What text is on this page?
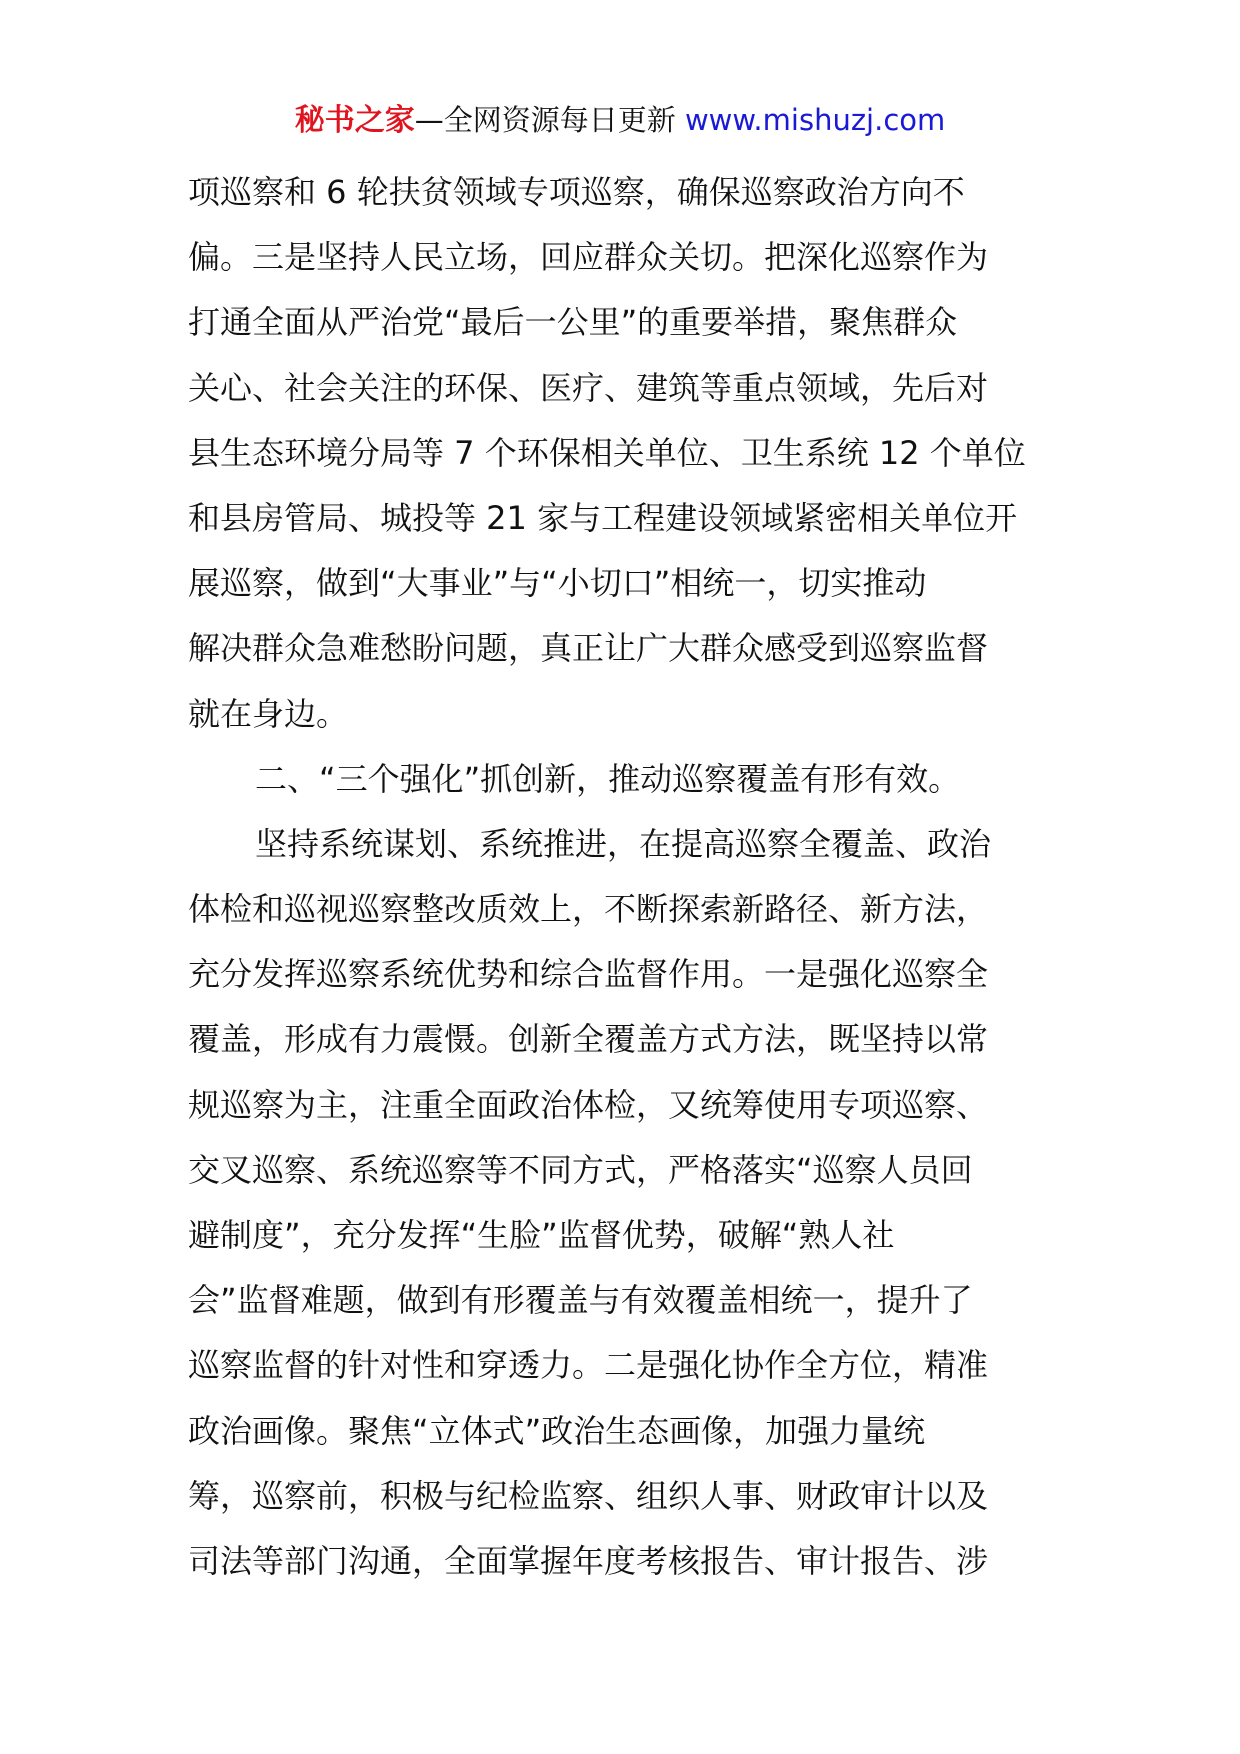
秘书之家—全网资源每日更新 www.mishuzj.com
项巡察和 6 轮扶贫领域专项巡察，确保巡察政治方向不
偏。三是坚持人民立场，回应群众关切。把深化巡察作为
打通全面从严治党“最后一公里”的重要举措，聚焦群众
关心、社会关注的环保、医疗、建筑等重点领域，先后对
县生态环境分局等 7 个环保相关单位、卫生系统 12 个单位
和县房管局、城投等 21 家与工程建设领域紧密相关单位开
展巡察，做到“大事业”与“小切口”相统一，切实推动
解决群众急难愁盼问题，真正让广大群众感受到巡察监督
就在身边。
二、“三个强化”抓创新，推动巡察覆盖有形有效。
坚持系统谋划、系统推进，在提高巡察全覆盖、政治
体检和巡视巡察整改质效上，不断探索新路径、新方法，
充分发挥巡察系统优势和综合监督作用。一是强化巡察全
覆盖，形成有力震慑。创新全覆盖方式方法，既坚持以常
规巡察为主，注重全面政治体检，又统筹使用专项巡察、
交叉巡察、系统巡察等不同方式，严格落实“巡察人员回
避制度”，充分发挥“生脸”监督优势，破解“熟人社
会”监督难题，做到有形覆盖与有效覆盖相统一，提升了
巡察监督的针对性和穿透力。二是强化协作全方位，精准
政治画像。聚焦“立体式”政治生态画像，加强力量统
筹，巡察前，积极与纪检监察、组织人事、财政审计以及
司法等部门沟通，全面掌握年度考核报告、审计报告、涉
